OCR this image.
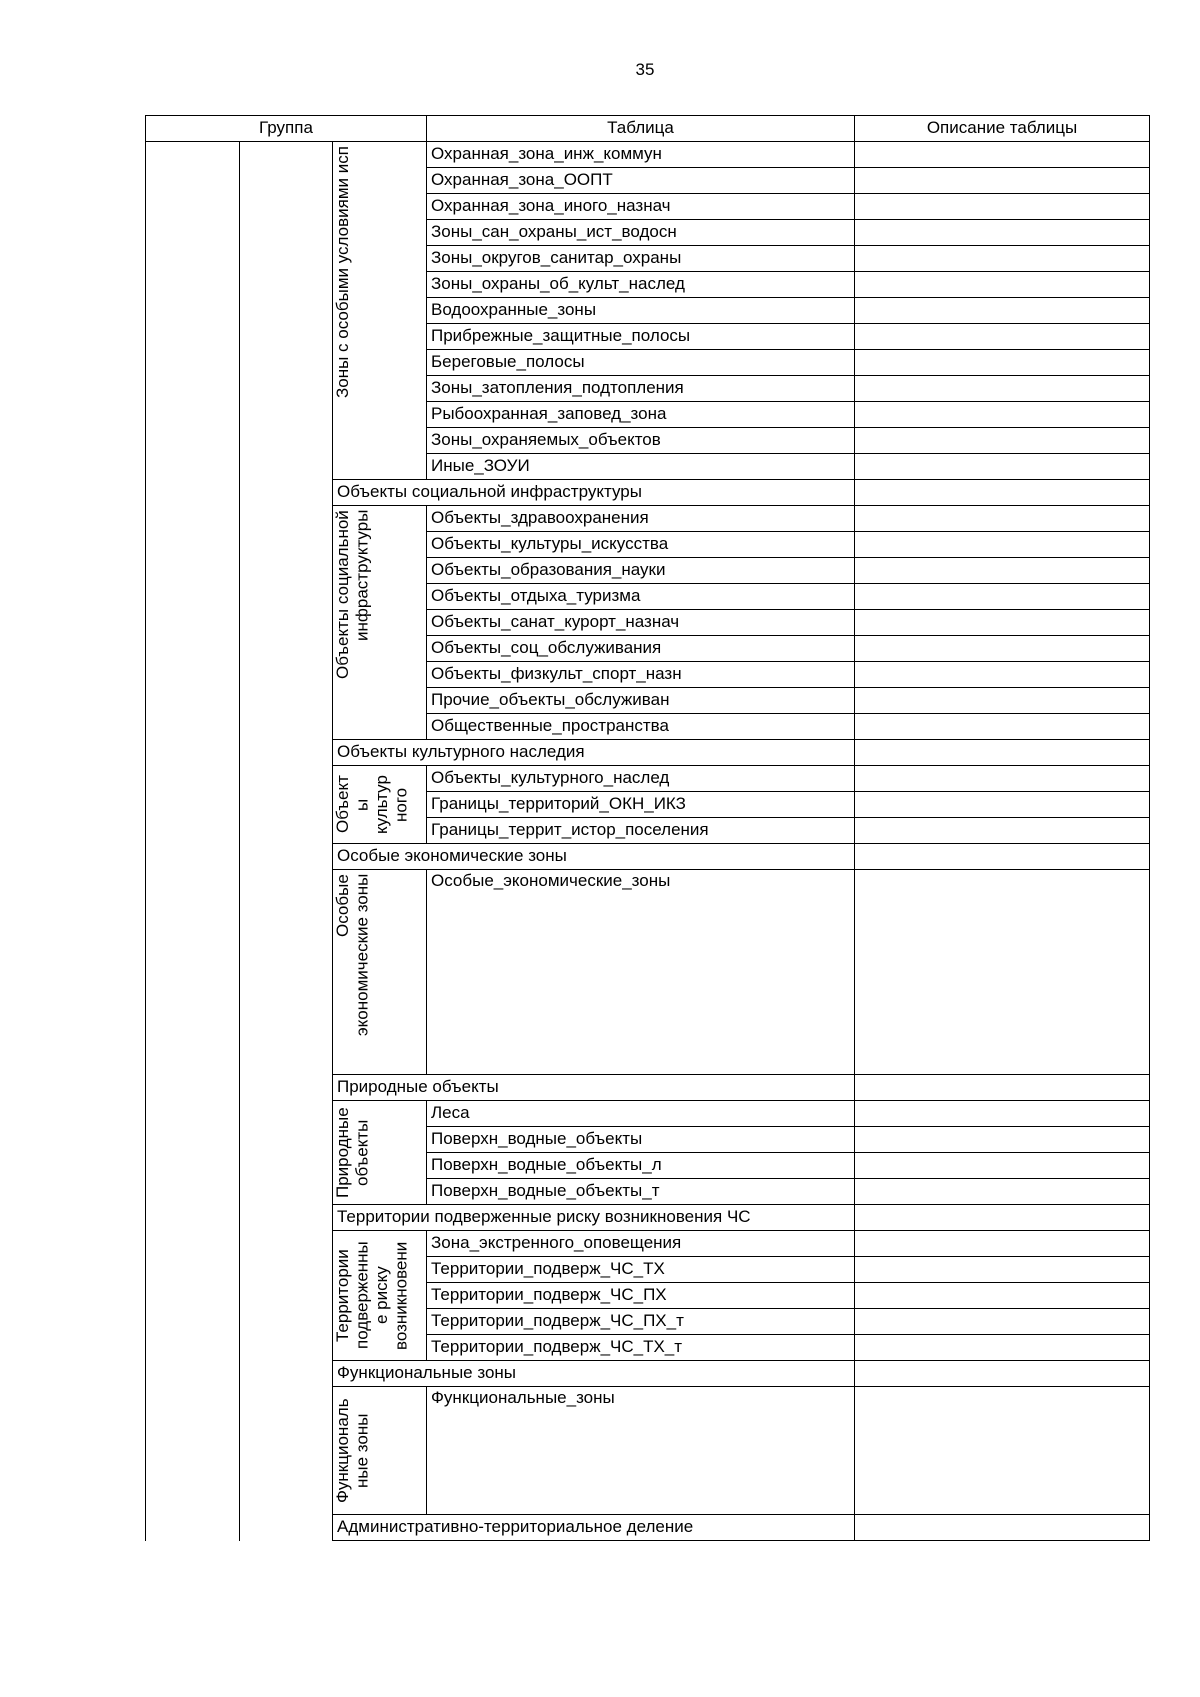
35
Группа			Таблица	Описание таблицы

		Зоны с особыми условиями исп	Охранная_зона_инж_коммун	
			Охранная_зона_ООПТ	
			Охранная_зона_иного_назнач	
			Зоны_сан_охраны_ист_водосн	
			Зоны_округов_санитар_охраны	
			Зоны_охраны_об_культ_наслед	
			Водоохранные_зоны	
			Прибрежные_защитные_полосы	
			Береговые_полосы	
			Зоны_затопления_подтопления	
			Рыбоохранная_заповед_зона	
			Зоны_охраняемых_объектов	
			Иные_ЗОУИ	
		Объекты социальной инфраструктуры		

		Объекты социальной
инфраструктуры	Объекты_здравоохранения	
			Объекты_культуры_искусства	
			Объекты_образования_науки	
			Объекты_отдыха_туризма	
			Объекты_санат_курорт_назнач	
			Объекты_соц_обслуживания	
			Объекты_физкульт_спорт_назн	
			Прочие_объекты_обслуживан	
			Общественные_пространства	
		Объекты культурного наследия		

		Объект
ы
культур
ного	Объекты_культурного_наслед	
			Границы_территорий_ОКН_ИКЗ	
			Границы_террит_истор_поселения	
		Особые экономические зоны		

		Особые
экономические зоны	Особые_экономические_зоны	
		Природные объекты		

		Природные
объекты	Леса	
			Поверхн_водные_объекты	
			Поверхн_водные_объекты_л	
			Поверхн_водные_объекты_т	
		Территории подверженные риску возникновения ЧС		

		Территории
подверженны
е риску
возникновени	Зона_экстренного_оповещения	
			Территории_подверж_ЧС_ТХ	
			Территории_подверж_ЧС_ПХ	
			Территории_подверж_ЧС_ПХ_т	
			Территории_подверж_ЧС_ТХ_т	
		Функциональные зоны		

		Функциональ
ные зоны	Функциональные_зоны	
		Административно-территориальное деление		
